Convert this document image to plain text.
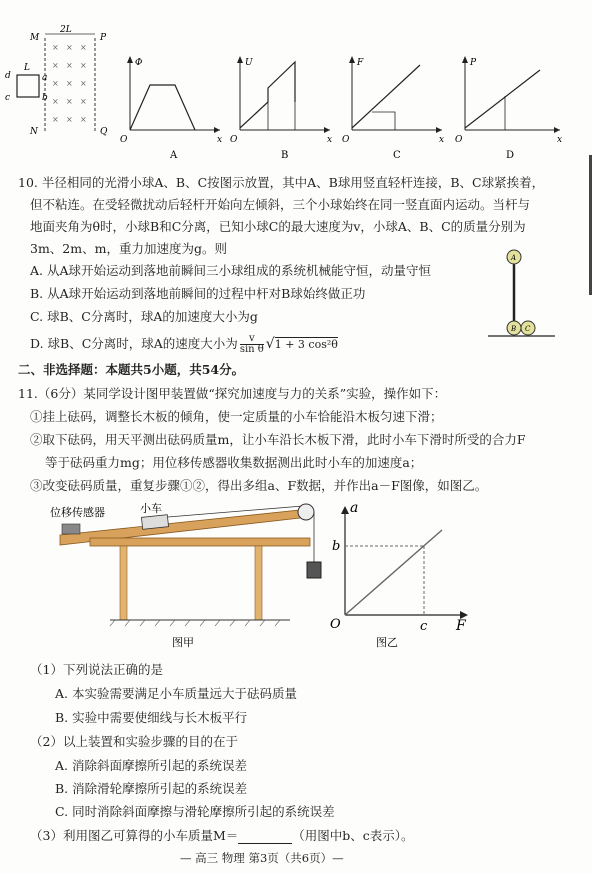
× × ×
× × ×
× × ×
× × ×
× × ×
M
N
P
Q
2L
L
d	a
c	b
Φ
x
O
U
x
O
F
x
O
P
x
O
A	B	C	D
10. 半径相同的光滑小球A、B、C按图示放置，其中A、B球用竖直轻杆连接，B、C球紧挨着，
但不粘连。在受轻微扰动后轻杆开始向左倾斜，三个小球始终在同一竖直面内运动。当杆与
地面夹角为θ时，小球B和C分离，已知小球C的最大速度为v，小球A、B、C的质量分别为
3m、2m、m，重力加速度为g。则
A. 从A球开始运动到落地前瞬间三小球组成的系统机械能守恒，动量守恒
B. 从A球开始运动到落地前瞬间的过程中杆对B球始终做正功
C. 球B、C分离时，球A的加速度大小为g
D. 球B、C分离时，球A的速度大小为 $\frac{v}{\text{sin θ}} √1 + 3$ cos²θ
A
B C
二、非选择题：本题共5小题，共54分。
11.（6分）某同学设计图甲装置做“探究加速度与力的关系”实验，操作如下：
①挂上砝码，调整长木板的倾角，使一定质量的小车恰能沿木板匀速下滑；
②取下砝码，用天平测出砝码质量m，让小车沿长木板下滑，此时小车下滑时所受的合力F
等于砝码重力mg；用位移传感器收集数据测出此时小车的加速度a；
③改变砝码质量，重复步骤①②，得出多组a、F数据，并作出a－F图像，如图乙。
位移传感器	小车
图甲
a
F
O
b
c
图乙
（1）下列说法正确的是
A. 本实验需要满足小车质量远大于砝码质量
B. 实验中需要使细线与长木板平行
（2）以上装置和实验步骤的目的在于
A. 消除斜面摩擦所引起的系统误差
B. 消除滑轮摩擦所引起的系统误差
C. 同时消除斜面摩擦与滑轮摩擦所引起的系统误差
（3）利用图乙可算得的小车质量M＝	（用图中b、c表示）。
— 高三 物理 第3页（共6页）—
